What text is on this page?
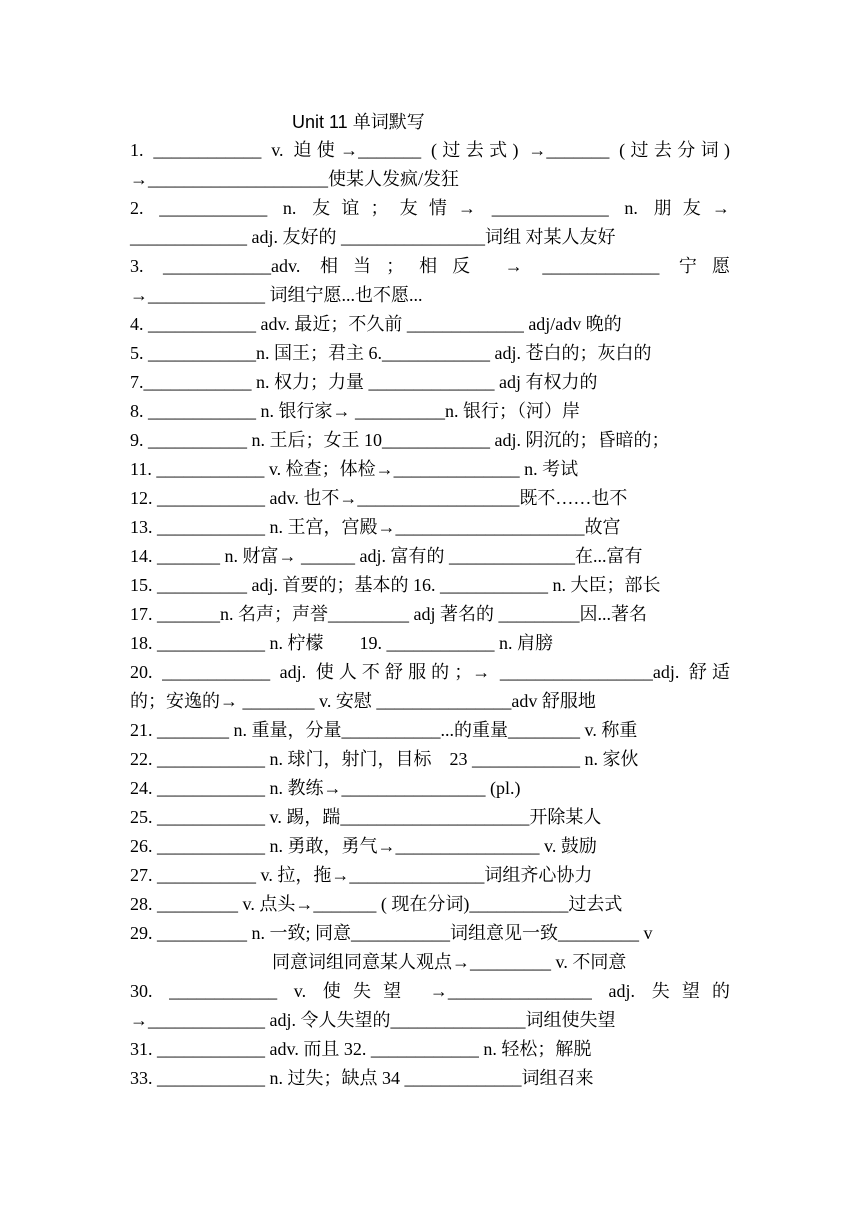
Unit 11 单词默写
1. ____________ v. 迫使→_______ (过去式) →_______ (过去分词)
→____________________使某人发疯/发狂
2. ____________ n. 友谊；友情→ _____________ n. 朋友→
_____________ adj. 友好的 ________________词组 对某人友好
3. ____________adv. 相当；相反 → _____________ 宁愿
→_____________ 词组宁愿...也不愿...
4. ____________ adv. 最近；不久前 _____________ adj/adv 晚的
5. ____________n. 国王；君主 6.____________ adj. 苍白的；灰白的
7.____________ n. 权力；力量 ______________ adj 有权力的
8. ____________ n. 银行家→ __________n. 银行；（河）岸
9. ___________ n. 王后；女王 10____________ adj. 阴沉的；昏暗的；
11. ____________ v. 检查；体检→______________ n. 考试
12. ____________ adv. 也不→__________________既不……也不
13. ____________ n. 王宫，宫殿→_____________________故宫
14. _______ n. 财富→ ______ adj. 富有的 ______________在...富有
15. __________ adj. 首要的；基本的 16. ____________ n. 大臣；部长
17. _______n. 名声；声誉_________ adj 著名的 _________因...著名
18. ____________ n. 柠檬　　19. ____________ n. 肩膀
20. ____________ adj. 使人不舒服的；→ _________________adj. 舒适
的；安逸的→ ________ v. 安慰 _______________adv 舒服地
21. ________ n. 重量，分量___________...的重量________ v. 称重
22. ____________ n. 球门，射门，目标　23 ____________ n. 家伙
24. ____________ n. 教练→________________ (pl.)
25. ____________ v. 踢，踹_____________________开除某人
26. ____________ n. 勇敢，勇气→________________ v. 鼓励
27. ___________ v. 拉，拖→_______________词组齐心协力
28. _________ v. 点头→_______ ( 现在分词)___________过去式
29. __________ n. 一致; 同意___________词组意见一致_________ v
同意词组同意某人观点→_________ v. 不同意
30. ____________ v. 使失望 →________________ adj. 失望的
→_____________ adj. 令人失望的_______________词组使失望
31. ____________ adv. 而且 32. ____________ n. 轻松；解脱
33. ____________ n. 过失；缺点 34 _____________词组召来
